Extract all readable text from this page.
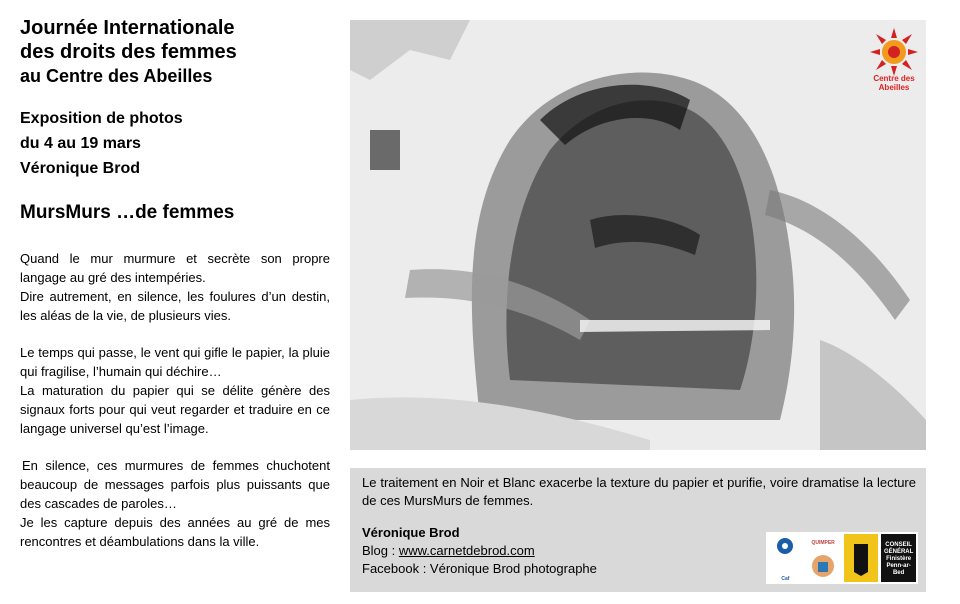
Journée Internationale
des droits des femmes
au Centre des Abeilles
Exposition de photos
du 4 au 19 mars
Véronique Brod
MursMurs …de femmes

Quand le mur murmure et secrète son propre langage au gré des intempéries.
Dire autrement, en silence, les foulures d’un destin, les aléas de la vie, de plusieurs vies.

Le temps qui passe, le vent qui gifle le papier, la pluie qui fragilise, l’humain qui déchire…
La maturation du papier qui se délite génère des signaux forts pour qui veut regarder et traduire en ce langage universel qu’est l’image.

En silence, ces murmures de femmes chuchotent beaucoup de messages parfois plus puissants que des cascades de paroles…
Je les capture depuis des années au gré de mes rencontres et déambulations dans la ville.

Centre des Abeilles
Le traitement en Noir et Blanc exacerbe la texture du papier et purifie, voire dramatise la lecture de ces MursMurs de femmes.
Véronique Brod
Blog : www.carnetdebrod.com
Facebook : Véronique Brod photographe
Caf
QUIMPER	CONSEIL
GÉNÉRAL
Finistère
Penn-ar-Bed
